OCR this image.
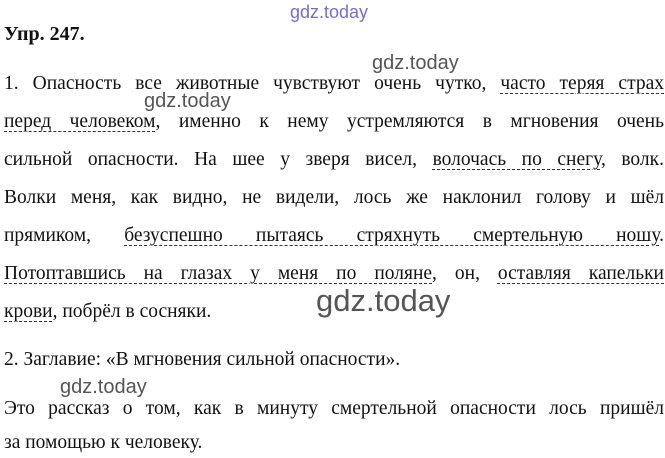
gdz.today
Упр. 247.
gdz.today
1. Опасность все животные чувствуют очень чутко, часто теряя страх
gdz.today
перед человеком, именно к нему устремляются в мгновения очень
сильной опасности. На шее у зверя висел, волочась по снегу, волк.
Волки меня, как видно, не видели, лось же наклонил голову и шёл
прямиком, безуспешно пытаясь стряхнуть смертельную ношу.
Потоптавшись на глазах у меня по поляне, он, оставляя капельки
gdz.today
крови, побрёл в сосняки.
2. Заглавие: «В мгновения сильной опасности».
gdz.today
Это рассказ о том, как в минуту смертельной опасности лось пришёл
за помощью к человеку.
